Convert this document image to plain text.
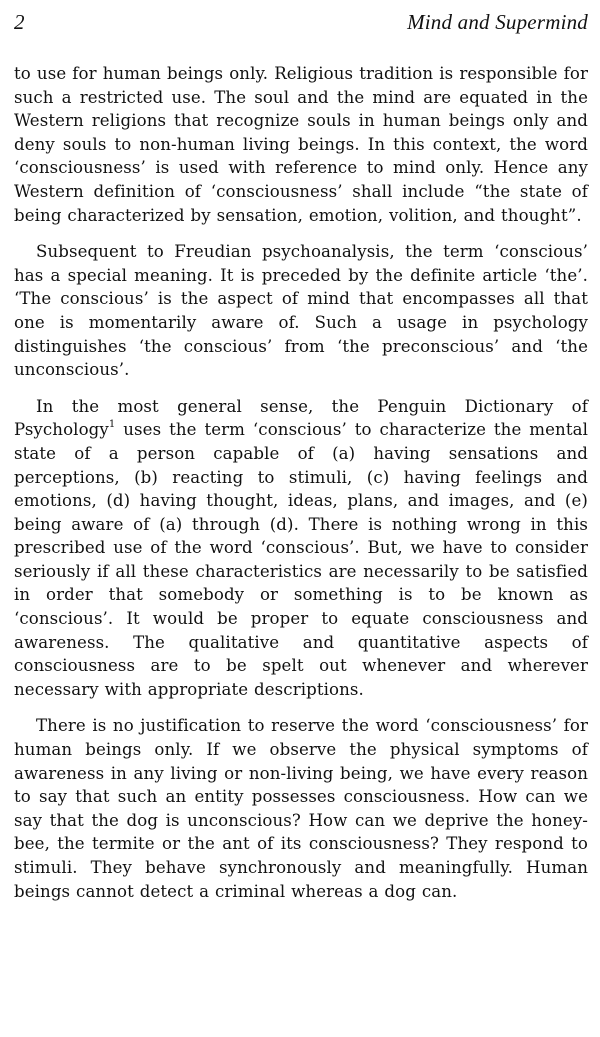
2	Mind and Supermind

to use for human beings only. Religious tradition is responsible for such a restricted use. The soul and the mind are equated in the Western religions that recognize souls in human beings only and deny souls to non-human living beings. In this context, the word ‘consciousness’ is used with reference to mind only. Hence any Western definition of ‘consciousness’ shall include “the state of being characterized by sensation, emotion, volition, and thought”.

Subsequent to Freudian psychoanalysis, the term ‘conscious’ has a special meaning. It is preceded by the definite article ‘the’. ‘The conscious’ is the aspect of mind that encompasses all that one is momentarily aware of. Such a usage in psychology distinguishes ‘the conscious’ from ‘the preconscious’ and ‘the unconscious’.

In the most general sense, the Penguin Dictionary of Psychology$^1$ uses the term ‘conscious’ to characterize the mental state of a person capable of (a) having sensations and perceptions, (b) reacting to stimuli, (c) having feelings and emotions, (d) having thought, ideas, plans, and images, and (e) being aware of (a) through (d). There is nothing wrong in this prescribed use of the word ‘conscious’. But, we have to consider seriously if all these characteristics are necessarily to be satisfied in order that somebody or something is to be known as ‘conscious’. It would be proper to equate consciousness and awareness. The qualitative and quantitative aspects of consciousness are to be spelt out whenever and wherever necessary with appropriate descriptions.

There is no justification to reserve the word ‘consciousness’ for human beings only. If we observe the physical symptoms of awareness in any living or non-living being, we have every reason to say that such an entity possesses consciousness. How can we say that the dog is unconscious? How can we deprive the honey-bee, the termite or the ant of its consciousness? They respond to stimuli. They behave synchronously and meaningfully. Human beings cannot detect a criminal whereas a dog can.
